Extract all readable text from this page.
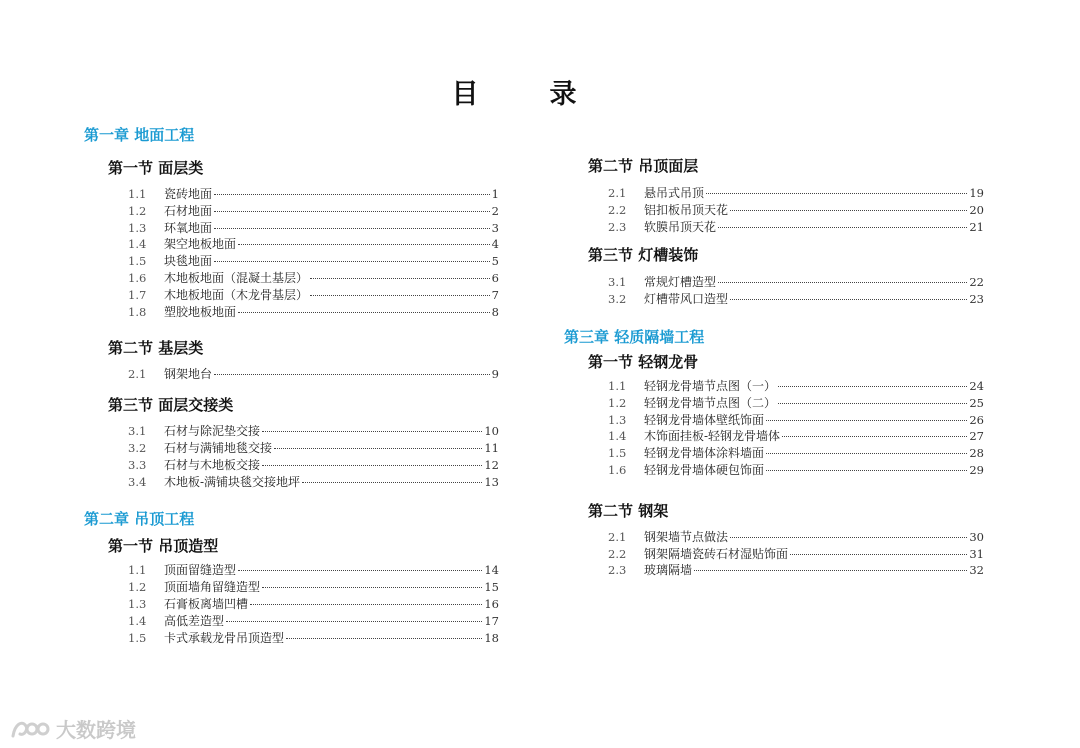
目　录
第一章 地面工程
第一节 面层类
1.1	瓷砖地面	1
1.2	石材地面	2
1.3	环氧地面	3
1.4	架空地板地面	4
1.5	块毯地面	5
1.6	木地板地面（混凝土基层）	6
1.7	木地板地面（木龙骨基层）	7
1.8	塑胶地板地面	8
第二节 基层类
2.1	钢架地台	9
第三节 面层交接类
3.1	石材与除泥垫交接	10
3.2	石材与满铺地毯交接	11
3.3	石材与木地板交接	12
3.4	木地板-满铺块毯交接地坪	13
第二章 吊顶工程
第一节 吊顶造型
1.1	顶面留缝造型	14
1.2	顶面墙角留缝造型	15
1.3	石膏板离墙凹槽	16
1.4	高低差造型	17
1.5	卡式承载龙骨吊顶造型	18
第二节 吊顶面层
2.1	悬吊式吊顶	19
2.2	铝扣板吊顶天花	20
2.3	软膜吊顶天花	21
第三节 灯槽装饰
3.1	常规灯槽造型	22
3.2	灯槽带风口造型	23
第三章 轻质隔墙工程
第一节 轻钢龙骨
1.1	轻钢龙骨墙节点图（一）	24
1.2	轻钢龙骨墙节点图（二）	25
1.3	轻钢龙骨墙体壁纸饰面	26
1.4	木饰面挂板-轻钢龙骨墙体	27
1.5	轻钢龙骨墙体涂料墙面	28
1.6	轻钢龙骨墙体硬包饰面	29
第二节 钢架
2.1	钢架墙节点做法	30
2.2	钢架隔墙瓷砖石材湿贴饰面	31
2.3	玻璃隔墙	32
大数跨境
